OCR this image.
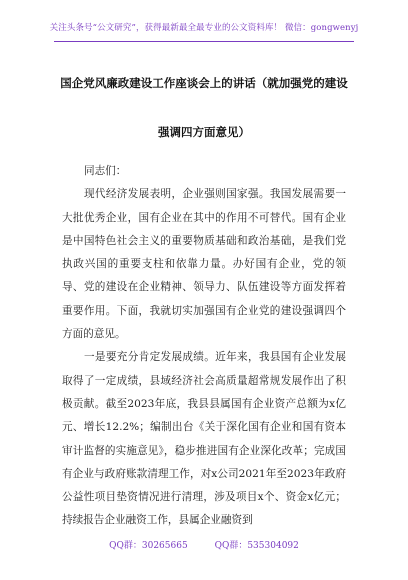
关注头条号“公文研究”，获得最新最全最专业的公文资料库！ 微信：gongwenyj
国企党风廉政建设工作座谈会上的讲话（就加强党的建设
强调四方面意见）

同志们：

现代经济发展表明，企业强则国家强。我国发展需要一大批优秀企业，国有企业在其中的作用不可替代。国有企业是中国特色社会主义的重要物质基础和政治基础，是我们党执政兴国的重要支柱和依靠力量。办好国有企业，党的领导、党的建设在企业精神、领导力、队伍建设等方面发挥着重要作用。下面，我就切实加强国有企业党的建设强调四个方面的意见。

一是要充分肯定发展成绩。近年来，我县国有企业发展取得了一定成绩，县域经济社会高质量超常规发展作出了积极贡献。截至2023年底，我县县属国有企业资产总额为x亿元、增长12.2%；编制出台《关于深化国有企业和国有资本审计监督的实施意见》，稳步推进国有企业深化改革；完成国有企业与政府账款清理工作，对x公司2021年至2023年政府公益性项目垫资情况进行清理，涉及项目x个、资金x亿元；持续报告企业融资工作，县属企业融资到

QQ群：30265665	QQ群：535304092
